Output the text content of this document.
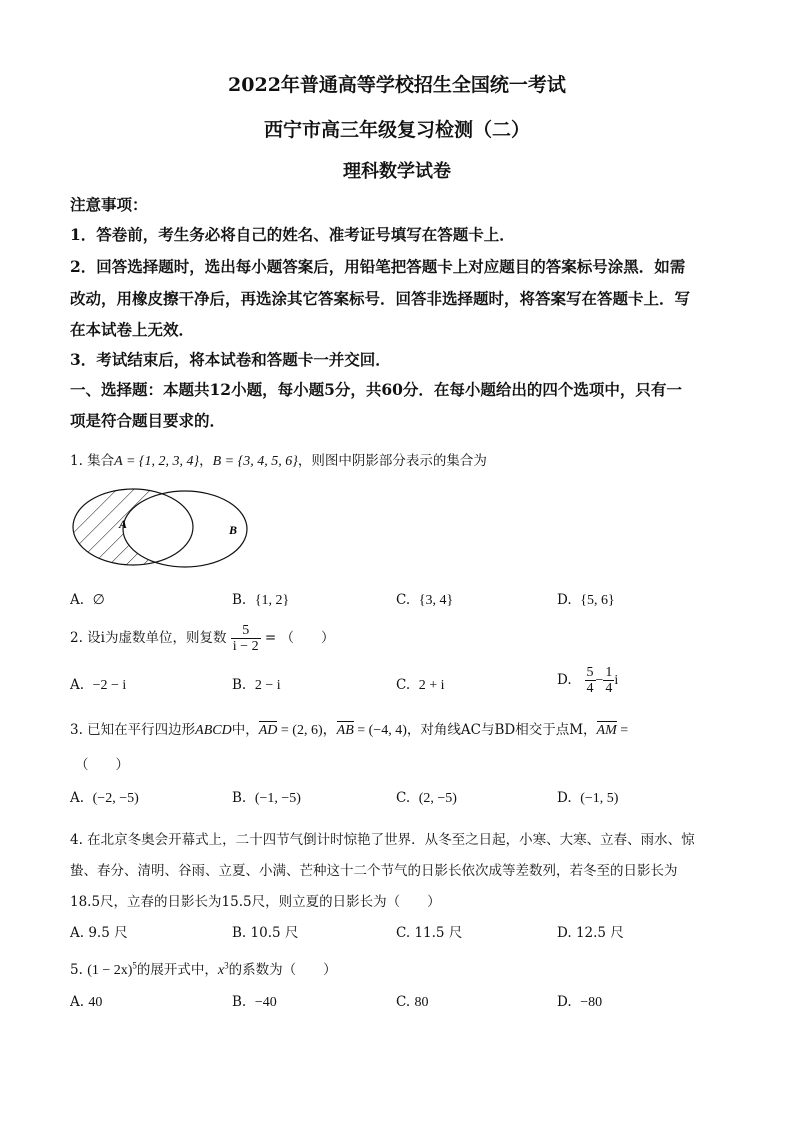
2022年普通高等学校招生全国统一考试
西宁市高三年级复习检测（二）
理科数学试卷
注意事项：
1．答卷前，考生务必将自己的姓名、准考证号填写在答题卡上．
2．回答选择题时，选出每小题答案后，用铅笔把答题卡上对应题目的答案标号涂黑．如需
改动，用橡皮擦干净后，再选涂其它答案标号．回答非选择题时，将答案写在答题卡上．写
在本试卷上无效．
3．考试结束后，将本试卷和答题卡一并交回．
一、选择题：本题共12小题，每小题5分，共60分．在每小题给出的四个选项中，只有一
项是符合题目要求的．
1. 集合A = {1, 2, 3, 4}，B = {3, 4, 5, 6}，则图中阴影部分表示的集合为
A	B
A. ∅	B. {1, 2}	C. {3, 4}	D. {5, 6}
2. 设i为虚数单位，则复数 $\frac{5}{i - 2}$ = （　　）
A. −2 − i	B. 2 − i	C. 2 + i	D. $\frac{5}{4} - \frac{1}{4}$ i
3. 已知在平行四边形ABCD中，AD = (2, 6)，AB = (−4, 4)，对角线AC与BD相交于点M，AM =
（　　）
A. (−2, −5)	B. (−1, −5)	C. (2, −5)	D. (−1, 5)
4. 在北京冬奥会开幕式上，二十四节气倒计时惊艳了世界．从冬至之日起，小寒、大寒、立春、雨水、惊
蛰、春分、清明、谷雨、立夏、小满、芒种这十二个节气的日影长依次成等差数列，若冬至的日影长为
18.5尺，立春的日影长为15.5尺，则立夏的日影长为（　　）
A. 9.5 尺	B. 10.5 尺	C. 11.5 尺	D. 12.5 尺
5. $(1 - 2x)^5$的展开式中，$x^3$的系数为（　　）
A. 40	B. −40	C. 80	D. −80
